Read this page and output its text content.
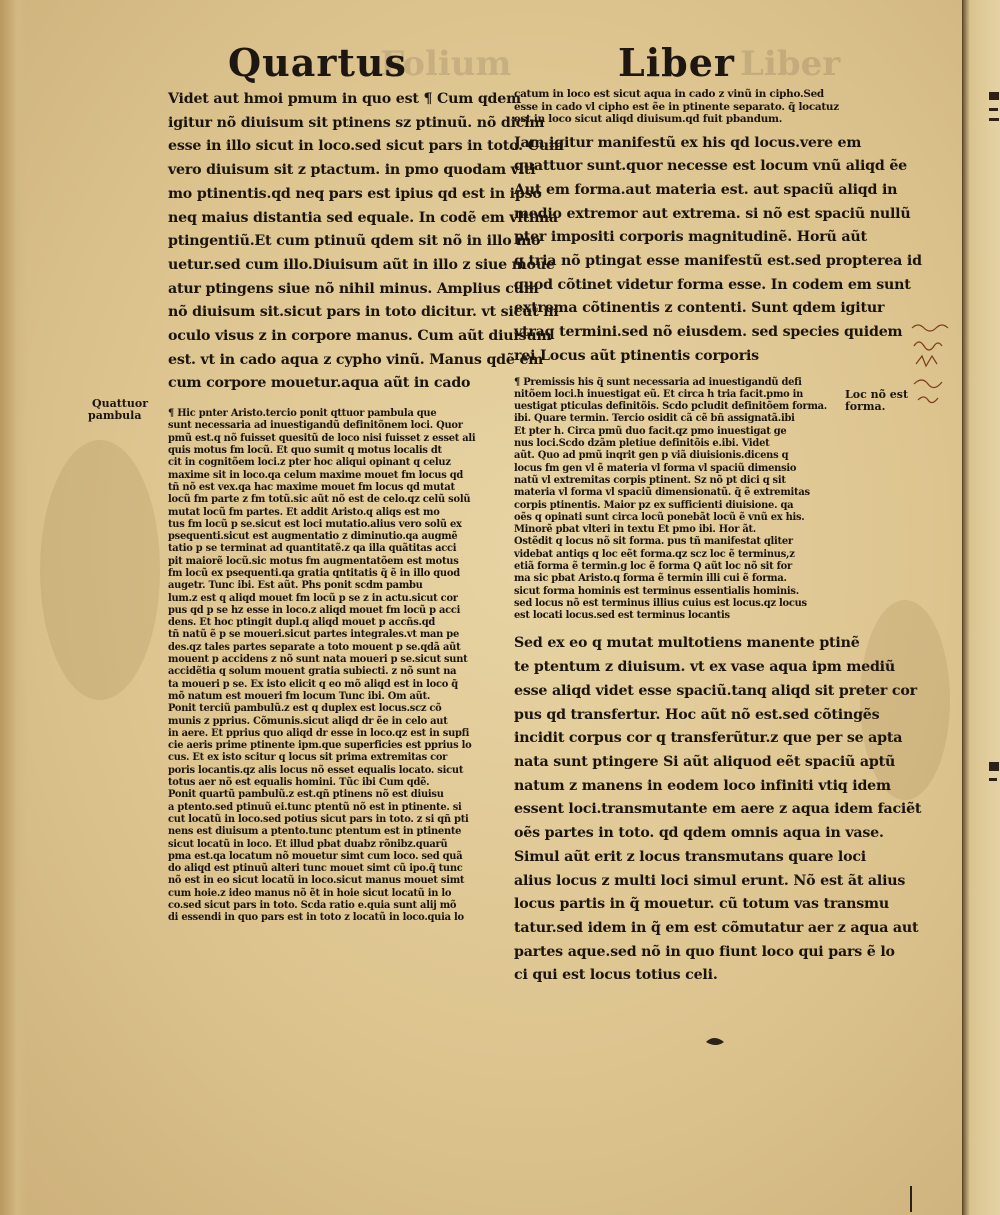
Folium	Liber
Quartus	Liber

Videt aut hmoi pmum in quo est ¶ Cum qdem

igitur nõ diuisum sit ptinens sz ptinuũ. nõ dicim

esse in illo sicut in loco.sed sicut pars in toto. Cum

vero diuisum sit z ptactum. in pmo quodam vlti

mo ptinentis.qd neq pars est ipius qd est in ipso

neq maius distantia sed equale. In codẽ em vltima

ptingentiũ.Et cum ptinuũ qdem sit nõ in illo mo

uetur.sed cum illo.Diuisum aũt in illo z siue moue

atur ptingens siue nõ nihil minus. Amplius cum

nõ diuisum sit.sicut pars in toto dicitur. vt sicut in

oculo visus z in corpore manus. Cum aũt diuisum

est. vt in cado aqua z cypho vinũ. Manus qdẽ em

cum corpore mouetur.aqua aũt in cado

¶ Hic pnter Aristo.tercio ponit qttuor pambula que

sunt necessaria ad inuestigandũ definitõnem loci. Quor

pmũ est.q nõ fuisset quesitũ de loco nisi fuisset z esset ali

quis motus fm locũ. Et quo sumit q motus localis dt

cit in cognitõem loci.z pter hoc aliqui opinant q celuz

maxime sit in loco.qa celum maxime mouet fm locus qd

tñ nõ est vex.qa hac maxime mouet fm locus qd mutat

locũ fm parte z fm totũ.sic aũt nõ est de celo.qz celũ solũ

mutat locũ fm partes. Et addit Aristo.q aliqs est mo

tus fm locũ p se.sicut est loci mutatio.alius vero solũ ex

psequenti.sicut est augmentatio z diminutio.qa augmẽ

tatio p se terminat ad quantitatẽ.z qa illa quãtitas acci

pit maiorẽ locũ.sic motus fm augmentatõem est motus

fm locũ ex psequenti.qa gratia qntitatis q̃ ẽ in illo quod

augetr. Tunc ibi. Est aũt. Phs ponit scdm pambu

lum.z est q aliqd mouet fm locũ p se z in actu.sicut cor

pus qd p se hz esse in loco.z aliqd mouet fm locũ p acci

dens. Et hoc ptingit dupl.q aliqd mouet p accñs.qd

tñ natũ ẽ p se moueri.sicut partes integrales.vt man pe

des.qz tales partes separate a toto mouent p se.qdã aũt

mouent p accidens z nõ sunt nata moueri p se.sicut sunt

accidẽtia q solum mouent gratia subiecti. z nõ sunt na

ta moueri p se. Ex isto elicit q eo mõ aliqd est in loco q̃

mõ natum est moueri fm locum Tunc ibi. Om aũt.

Ponit terciũ pambulũ.z est q duplex est locus.scz cõ

munis z pprius. Cõmunis.sicut aliqd dr ẽe in celo aut

in aere. Et pprius quo aliqd dr esse in loco.qz est in supfi

cie aeris prime ptinente ipm.que superficies est pprius lo

cus. Et ex isto scitur q locus sit prima extremitas cor

poris locantis.qz alis locus nõ esset equalis locato. sicut

totus aer nõ est equalis homini. Tũc ibi Cum qdẽ.

Ponit quartũ pambulũ.z est.qñ ptinens nõ est diuisu

a ptento.sed ptinuũ ei.tunc ptentũ nõ est in ptinente. si

cut locatũ in loco.sed potius sicut pars in toto. z si qñ pti

nens est diuisum a ptento.tunc ptentum est in ptinente

sicut locatũ in loco. Et illud pbat duabz rõnibz.quarũ

pma est.qa locatum nõ mouetur simt cum loco. sed quã

do aliqd est ptinuũ alteri tunc mouet simt cũ ipo.q̃ tunc

nõ est in eo sicut locatũ in loco.sicut manus mouet simt

cum hoie.z ideo manus nõ ẽt in hoie sicut locatũ in lo

co.sed sicut pars in toto. Scda ratio e.quia sunt alij mõ

di essendi in quo pars est in toto z locatũ in loco.quia lo

Quattuor

pambula

catum in loco est sicut aqua in cado z vinũ in cipho.Sed

esse in cado vl cipho est ẽe in ptinente separato. q̃ locatuz

est in loco sicut aliqd diuisum.qd fuit pbandum.

Jam igitur manifestũ ex his qd locus.vere em

quattuor sunt.quor necesse est locum vnũ aliqd ẽe

Aut em forma.aut materia est. aut spaciũ aliqd in

medio extremor aut extrema. si nõ est spaciũ nullũ

pter impositi corporis magnitudinẽ. Horũ aũt

q tria nõ ptingat esse manifestũ est.sed propterea id

quod cõtinet videtur forma esse. In codem em sunt

extrema cõtinentis z contenti. Sunt qdem igitur

vtraq termini.sed nõ eiusdem. sed species quidem

rei Locus aũt ptinentis corporis

¶ Premissis his q̃ sunt necessaria ad inuestigandũ defi

nitõem loci.h inuestigat eũ. Et circa h tria facit.pmo in

uestigat pticulas definitõis. Scdo pcludit definitõem forma.

ibi. Quare termin. Tercio osidit cã cẽ bñ assignatã.ibi

Et pter h. Circa pmũ duo facit.qz pmo inuestigat ge

nus loci.Scdo dzãm pletiue definitõis e.ibi. Videt

aũt. Quo ad pmũ inqrit gen p viã diuisionis.dicens q

locus fm gen vl ẽ materia vl forma vl spaciũ dimensio

natũ vl extremitas corpis ptinent. Sz nõ pt dici q sit

materia vl forma vl spaciũ dimensionatũ. q̃ ẽ extremitas

corpis ptinentis. Maior pz ex sufficienti diuisione. qa

oẽs q opinati sunt circa locũ ponebãt locũ ẽ vnũ ex his.

Minorẽ pbat vlteri in textu Et pmo ibi. Hor ãt.

Ostẽdit q locus nõ sit forma. pus tñ manifestat qliter

videbat antiqs q loc eẽt forma.qz scz loc ẽ terminus,z

etiã forma ẽ termin.g loc ẽ forma Q aũt loc nõ sit for

ma sic pbat Aristo.q forma ẽ termin illi cui ẽ forma.

sicut forma hominis est terminus essentialis hominis.

sed locus nõ est terminus illius cuius est locus.qz locus

est locati locus.sed est terminus locantis

Sed ex eo q mutat multotiens manente ptinẽ

te ptentum z diuisum. vt ex vase aqua ipm mediũ

esse aliqd videt esse spaciũ.tanq aliqd sit preter cor

pus qd transfertur. Hoc aũt nõ est.sed cõtingẽs

incidit corpus cor q transferũtur.z que per se apta

nata sunt ptingere Si aũt aliquod eẽt spaciũ aptũ

natum z manens in eodem loco infiniti vtiq idem

essent loci.transmutante em aere z aqua idem faciẽt

oẽs partes in toto. qd qdem omnis aqua in vase.

Simul aũt erit z locus transmutans quare loci

alius locus z multi loci simul erunt. Nõ est ãt alius

locus partis in q̃ mouetur. cũ totum vas transmu

tatur.sed idem in q̃ em est cõmutatur aer z aqua aut

partes aque.sed nõ in quo fiunt loco qui pars ẽ lo

ci qui est locus totius celi.

Loc nõ est

forma.
